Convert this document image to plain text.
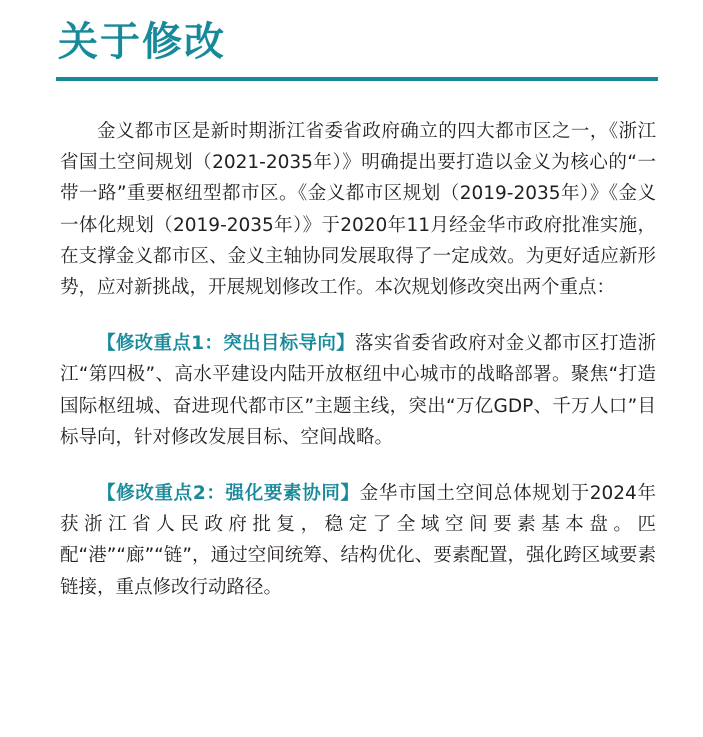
关于修改

金义都市区是新时期浙江省委省政府确立的四大都市区之一，《浙江省国土空间规划（2021-2035年）》明确提出要打造以金义为核心的“一带一路”重要枢纽型都市区。《金义都市区规划（2019-2035年）》《金义一体化规划（2019-2035年）》于2020年11月经金华市政府批准实施，在支撑金义都市区、金义主轴协同发展取得了一定成效。为更好适应新形势，应对新挑战，开展规划修改工作。本次规划修改突出两个重点：

【修改重点1：突出目标导向】落实省委省政府对金义都市区打造浙江“第四极”、高水平建设内陆开放枢纽中心城市的战略部署。聚焦“打造国际枢纽城、奋进现代都市区”主题主线，突出“万亿GDP、千万人口”目标导向，针对修改发展目标、空间战略。

【修改重点2：强化要素协同】金华市国土空间总体规划于2024年获浙江省人民政府批复，稳定了全域空间要素基本盘。匹配“港”“廊”“链”，通过空间统筹、结构优化、要素配置，强化跨区域要素链接，重点修改行动路径。
